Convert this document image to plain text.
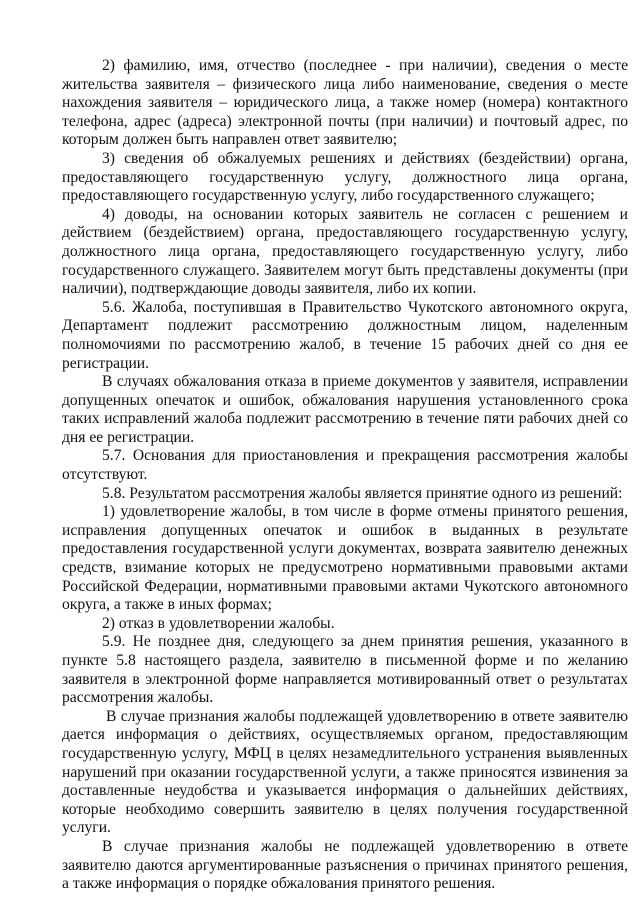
2) фамилию, имя, отчество (последнее - при наличии), сведения о месте жительства заявителя – физического лица либо наименование, сведения о месте нахождения заявителя – юридического лица, а также номер (номера) контактного телефона, адрес (адреса) электронной почты (при наличии) и почтовый адрес, по которым должен быть направлен ответ заявителю;

3) сведения об обжалуемых решениях и действиях (бездействии) органа, предоставляющего государственную услугу, должностного лица органа, предоставляющего государственную услугу, либо государственного служащего;

4) доводы, на основании которых заявитель не согласен с решением и действием (бездействием) органа, предоставляющего государственную услугу, должностного лица органа, предоставляющего государственную услугу, либо государственного служащего. Заявителем могут быть представлены документы (при наличии), подтверждающие доводы заявителя, либо их копии.

5.6. Жалоба, поступившая в Правительство Чукотского автономного округа, Департамент подлежит рассмотрению должностным лицом, наделенным полномочиями по рассмотрению жалоб, в течение 15 рабочих дней со дня ее регистрации.

В случаях обжалования отказа в приеме документов у заявителя, исправлении допущенных опечаток и ошибок, обжалования нарушения установленного срока таких исправлений жалоба подлежит рассмотрению в течение пяти рабочих дней со дня ее регистрации.

5.7. Основания для приостановления и прекращения рассмотрения жалобы отсутствуют.

5.8. Результатом рассмотрения жалобы является принятие одного из решений:

1) удовлетворение жалобы, в том числе в форме отмены принятого решения, исправления допущенных опечаток и ошибок в выданных в результате предоставления государственной услуги документах, возврата заявителю денежных средств, взимание которых не предусмотрено нормативными правовыми актами Российской Федерации, нормативными правовыми актами Чукотского автономного округа, а также в иных формах;

2) отказ в удовлетворении жалобы.

5.9. Не позднее дня, следующего за днем принятия решения, указанного в пункте 5.8 настоящего раздела, заявителю в письменной форме и по желанию заявителя в электронной форме направляется мотивированный ответ о результатах рассмотрения жалобы.

В случае признания жалобы подлежащей удовлетворению в ответе заявителю дается информация о действиях, осуществляемых органом, предоставляющим государственную услугу, МФЦ в целях незамедлительного устранения выявленных нарушений при оказании государственной услуги, а также приносятся извинения за доставленные неудобства и указывается информация о дальнейших действиях, которые необходимо совершить заявителю в целях получения государственной услуги.

В случае признания жалобы не подлежащей удовлетворению в ответе заявителю даются аргументированные разъяснения о причинах принятого решения, а также информация о порядке обжалования принятого решения.
